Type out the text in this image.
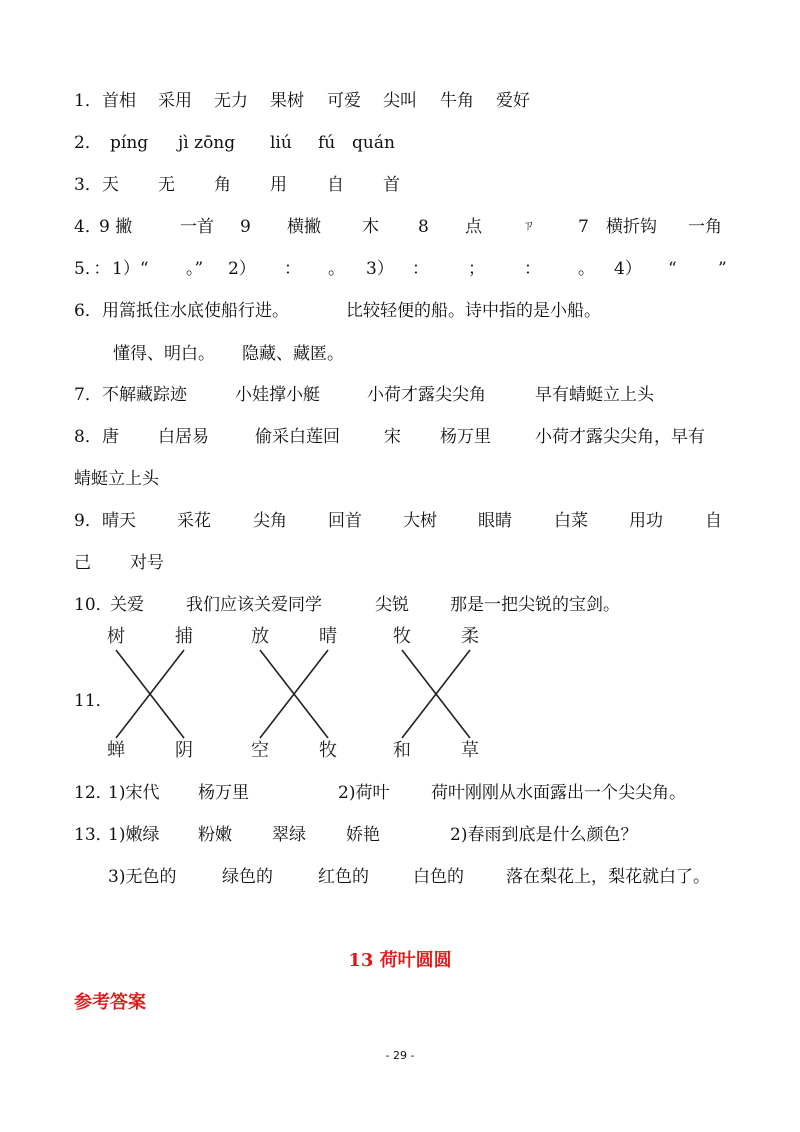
1． 首相 采用 无力 果树 可爱 尖叫 牛角 爱好
2． píng jì zōng liú fú quán
3． 天 无 角 用 自 首
4．
9 撇	一首 9 横撇 木 8 点	ㄗ	7 横折钩 一角
5．： 1）“ 。” 2） ： 。 3） ： ； ： 。 4） “ ”
6． 用篙抵住水底使船行进。	比较轻便的船。诗中指的是小船。
懂得、明白。 隐藏、藏匿。
7． 不解藏踪迹	小娃撑小艇	小荷才露尖尖角	早有蜻蜓立上头
8． 唐 白居易	偷采白莲回	宋 杨万里	小荷才露尖尖角，早有
蜻蜓立上头
9． 晴天 采花 尖角 回首 大树 眼睛 白菜 用功 自
己 对号
10．
关爱 我们应该关爱同学	尖锐 那是一把尖锐的宝剑。
11．
树	捕	放	晴	牧	柔
蝉	阴	空	牧	和	草
12．
1)宋代 杨万里	2)荷叶 荷叶刚刚从水面露出一个尖尖角。
13．
1)嫩绿 粉嫩 翠绿 娇艳	2)春雨到底是什么颜色？
3)无色的	绿色的	红色的	白色的 落在梨花上，梨花就白了。
13 荷叶圆圆
参考答案
- 29 -
